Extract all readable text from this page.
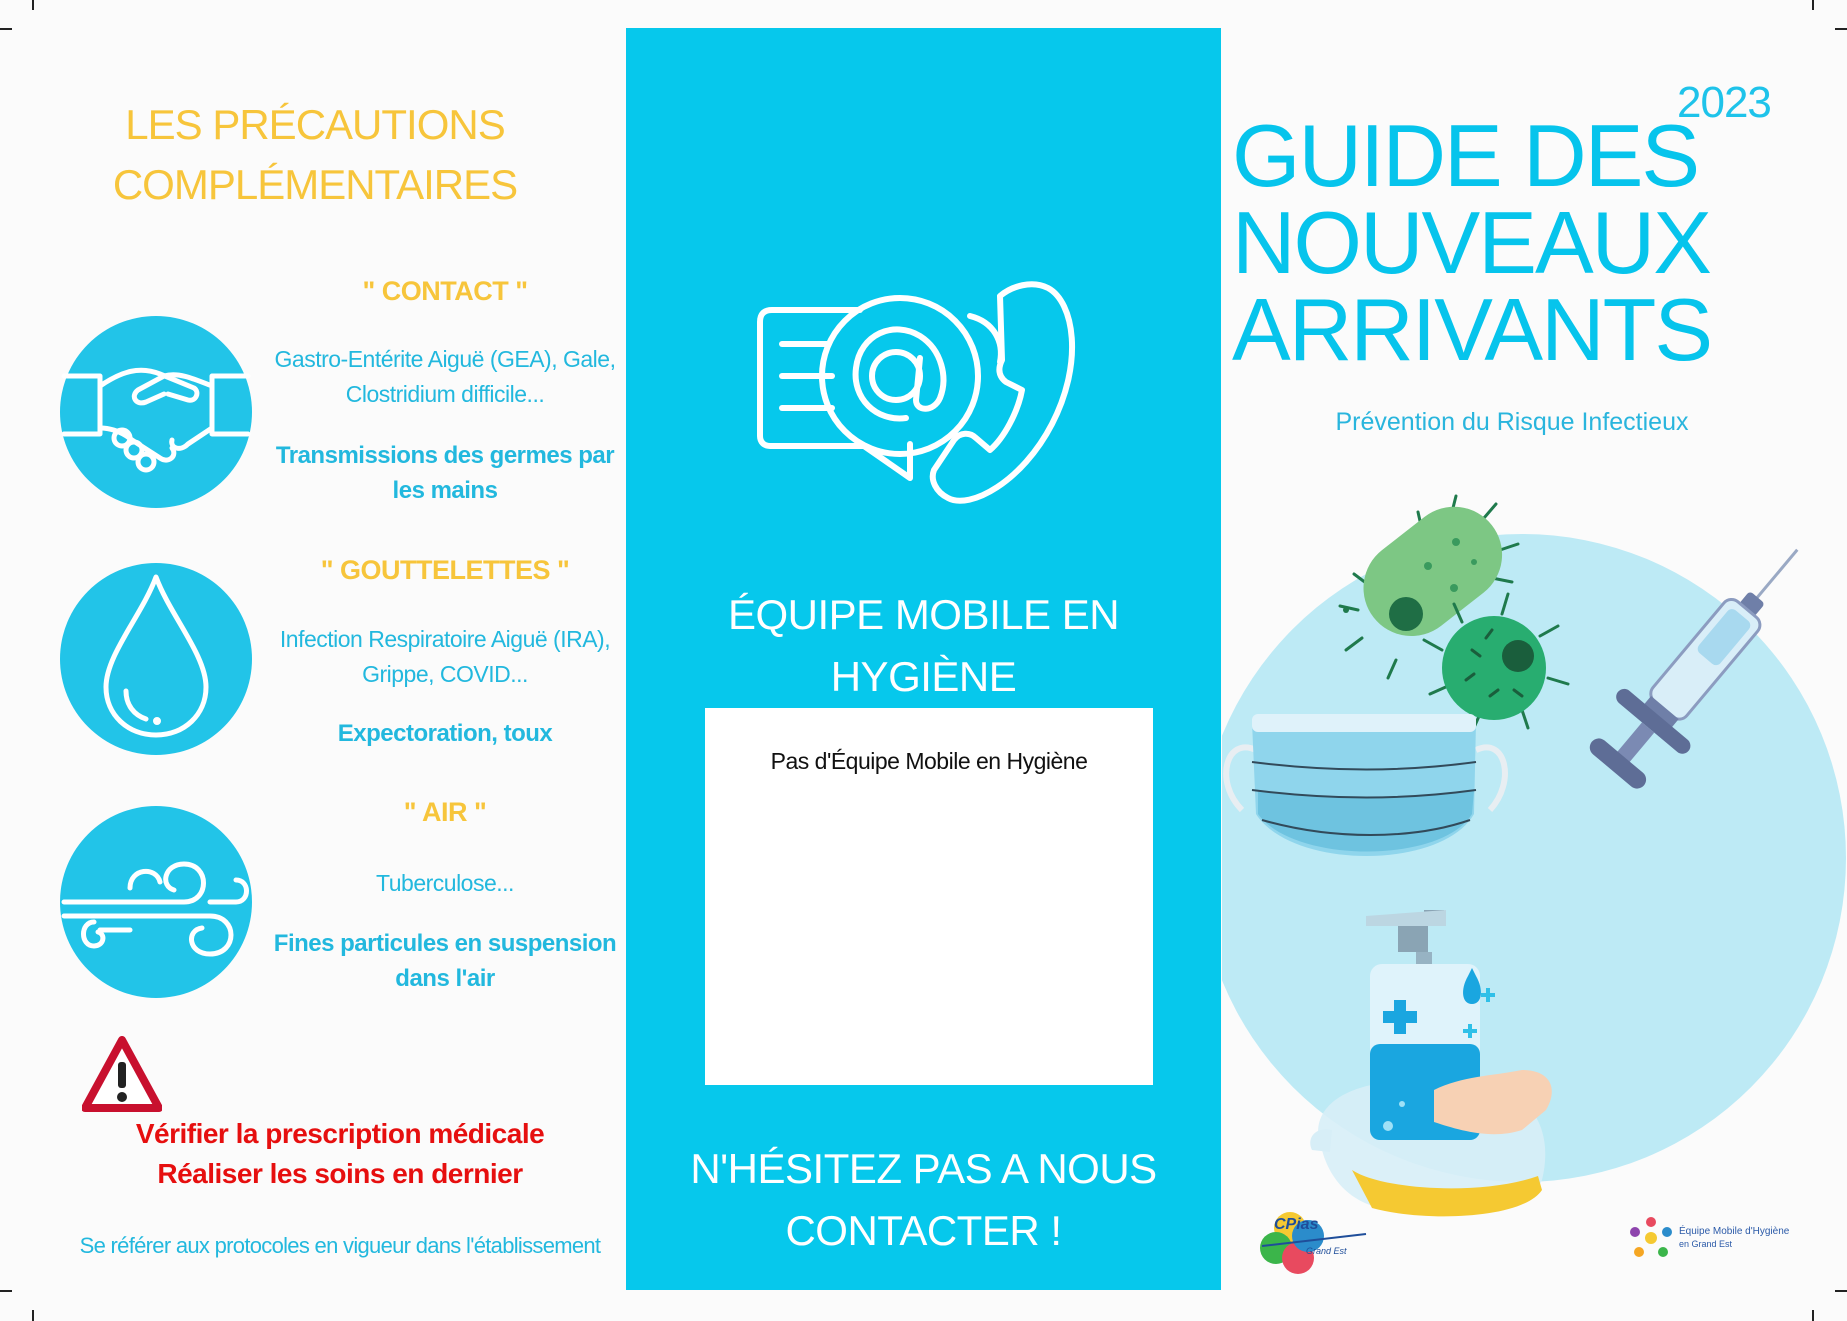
LES PRÉCAUTIONS
COMPLÉMENTAIRES
" CONTACT "
Gastro-Entérite Aiguë (GEA), Gale,
Clostridium difficile...
Transmissions des germes par
les mains
" GOUTTELETTES "
Infection Respiratoire Aiguë (IRA),
Grippe, COVID...
Expectoration, toux
" AIR "
Tuberculose...
Fines particules en suspension
dans l'air
Vérifier la prescription médicale
Réaliser les soins en dernier
Se référer aux protocoles en vigueur dans l'établissement
ÉQUIPE MOBILE EN
HYGIÈNE
Pas d'Équipe Mobile en Hygiène
N'HÉSITEZ PAS A NOUS
CONTACTER !
2023
GUIDE DES
NOUVEAUX
ARRIVANTS
Prévention du Risque Infectieux
CPias
Grand Est
Équipe Mobile d'Hygiène
en Grand Est
